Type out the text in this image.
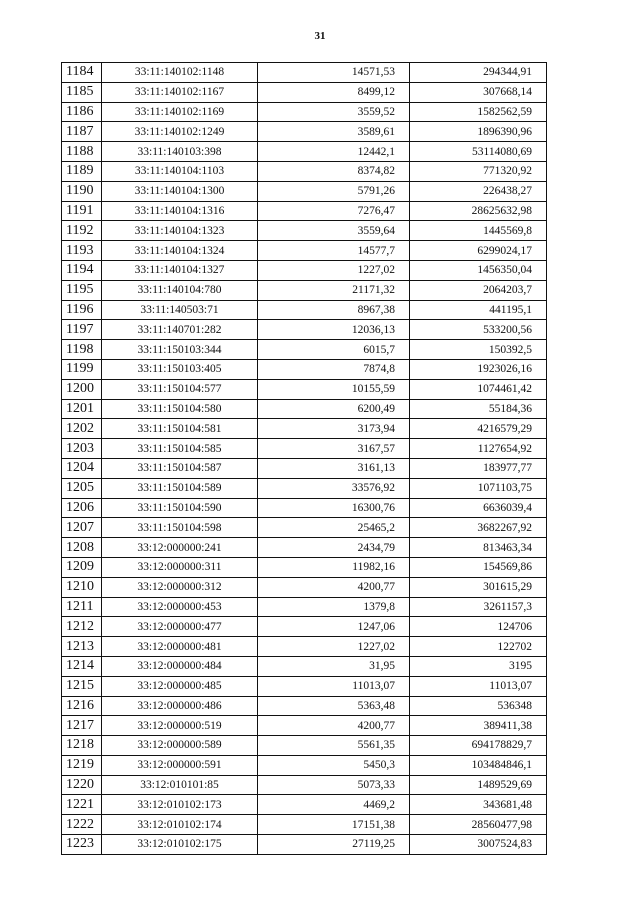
31
1184	33:11:140102:1148	14571,53	294344,91
1185	33:11:140102:1167	8499,12	307668,14
1186	33:11:140102:1169	3559,52	1582562,59
1187	33:11:140102:1249	3589,61	1896390,96
1188	33:11:140103:398	12442,1	53114080,69
1189	33:11:140104:1103	8374,82	771320,92
1190	33:11:140104:1300	5791,26	226438,27
1191	33:11:140104:1316	7276,47	28625632,98
1192	33:11:140104:1323	3559,64	1445569,8
1193	33:11:140104:1324	14577,7	6299024,17
1194	33:11:140104:1327	1227,02	1456350,04
1195	33:11:140104:780	21171,32	2064203,7
1196	33:11:140503:71	8967,38	441195,1
1197	33:11:140701:282	12036,13	533200,56
1198	33:11:150103:344	6015,7	150392,5
1199	33:11:150103:405	7874,8	1923026,16
1200	33:11:150104:577	10155,59	1074461,42
1201	33:11:150104:580	6200,49	55184,36
1202	33:11:150104:581	3173,94	4216579,29
1203	33:11:150104:585	3167,57	1127654,92
1204	33:11:150104:587	3161,13	183977,77
1205	33:11:150104:589	33576,92	1071103,75
1206	33:11:150104:590	16300,76	6636039,4
1207	33:11:150104:598	25465,2	3682267,92
1208	33:12:000000:241	2434,79	813463,34
1209	33:12:000000:311	11982,16	154569,86
1210	33:12:000000:312	4200,77	301615,29
1211	33:12:000000:453	1379,8	3261157,3
1212	33:12:000000:477	1247,06	124706
1213	33:12:000000:481	1227,02	122702
1214	33:12:000000:484	31,95	3195
1215	33:12:000000:485	11013,07	11013,07
1216	33:12:000000:486	5363,48	536348
1217	33:12:000000:519	4200,77	389411,38
1218	33:12:000000:589	5561,35	694178829,7
1219	33:12:000000:591	5450,3	103484846,1
1220	33:12:010101:85	5073,33	1489529,69
1221	33:12:010102:173	4469,2	343681,48
1222	33:12:010102:174	17151,38	28560477,98
1223	33:12:010102:175	27119,25	3007524,83
